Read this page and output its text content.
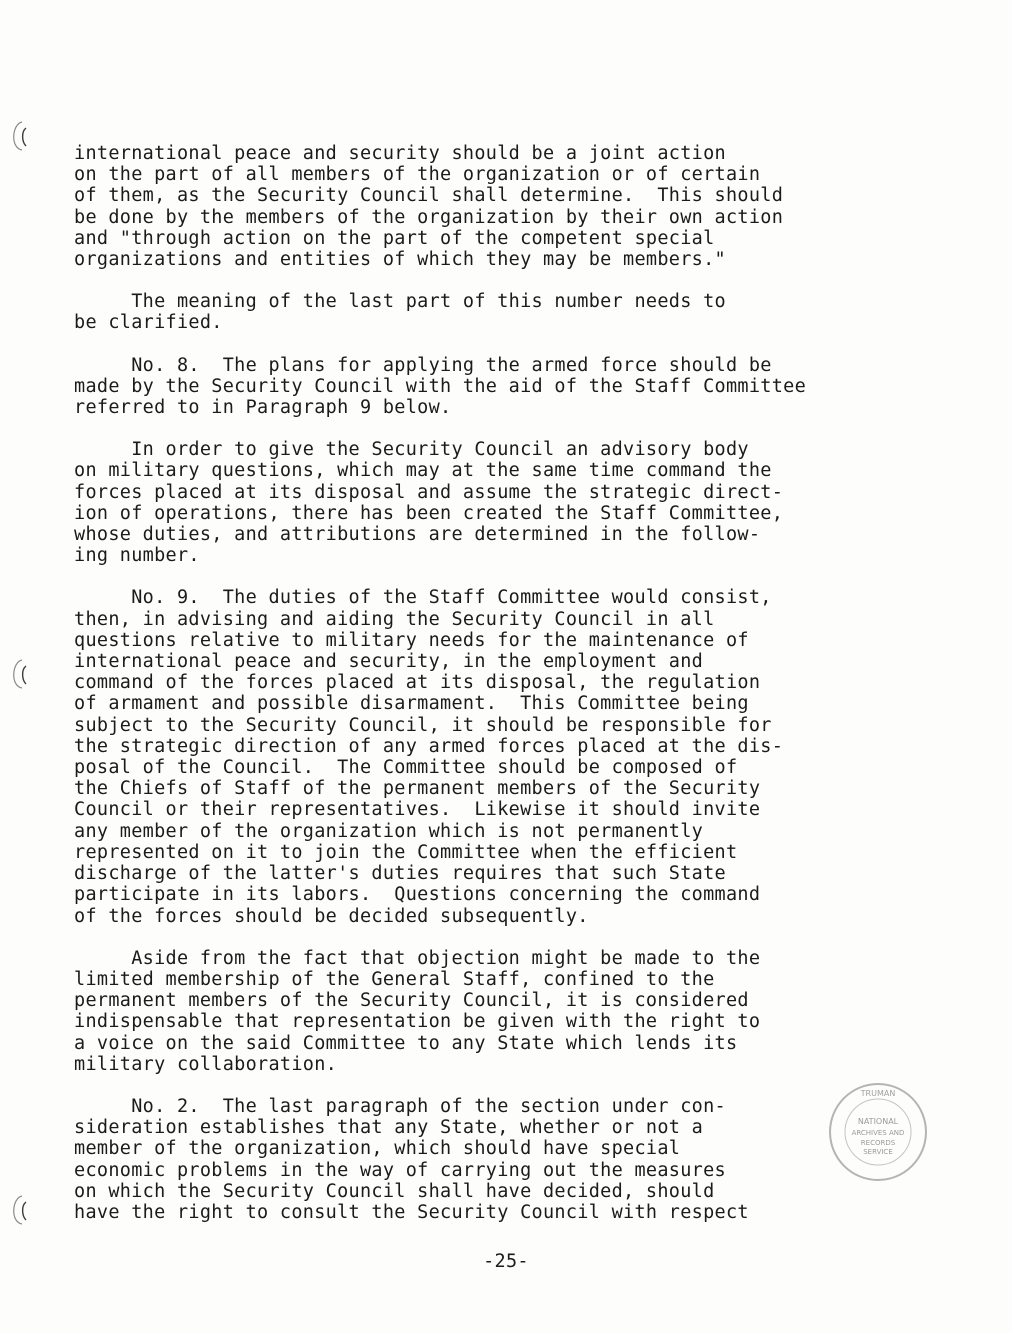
international peace and security should be a joint action
on the part of all members of the organization or of certain
of them, as the Security Council shall determine.  This should
be done by the members of the organization by their own action
and "through action on the part of the competent special
organizations and entities of which they may be members."
The meaning of the last part of this number needs to
be clarified.
No. 8.  The plans for applying the armed force should be
made by the Security Council with the aid of the Staff Committee
referred to in Paragraph 9 below.
In order to give the Security Council an advisory body
on military questions, which may at the same time command the
forces placed at its disposal and assume the strategic direct-
ion of operations, there has been created the Staff Committee,
whose duties, and attributions are determined in the follow-
ing number.
No. 9.  The duties of the Staff Committee would consist,
then, in advising and aiding the Security Council in all
questions relative to military needs for the maintenance of
international peace and security, in the employment and
command of the forces placed at its disposal, the regulation
of armament and possible disarmament.  This Committee being
subject to the Security Council, it should be responsible for
the strategic direction of any armed forces placed at the dis-
posal of the Council.  The Committee should be composed of
the Chiefs of Staff of the permanent members of the Security
Council or their representatives.  Likewise it should invite
any member of the organization which is not permanently
represented on it to join the Committee when the efficient
discharge of the latter's duties requires that such State
participate in its labors.  Questions concerning the command
of the forces should be decided subsequently.
Aside from the fact that objection might be made to the
limited membership of the General Staff, confined to the
permanent members of the Security Council, it is considered
indispensable that representation be given with the right to
a voice on the said Committee to any State which lends its
military collaboration.
No. 2.  The last paragraph of the section under con-
sideration establishes that any State, whether or not a
member of the organization, which should have special
economic problems in the way of carrying out the measures
on which the Security Council shall have decided, should
have the right to consult the Security Council with respect
NATIONAL
ARCHIVES AND
RECORDS
SERVICE
TRUMAN
-25-
